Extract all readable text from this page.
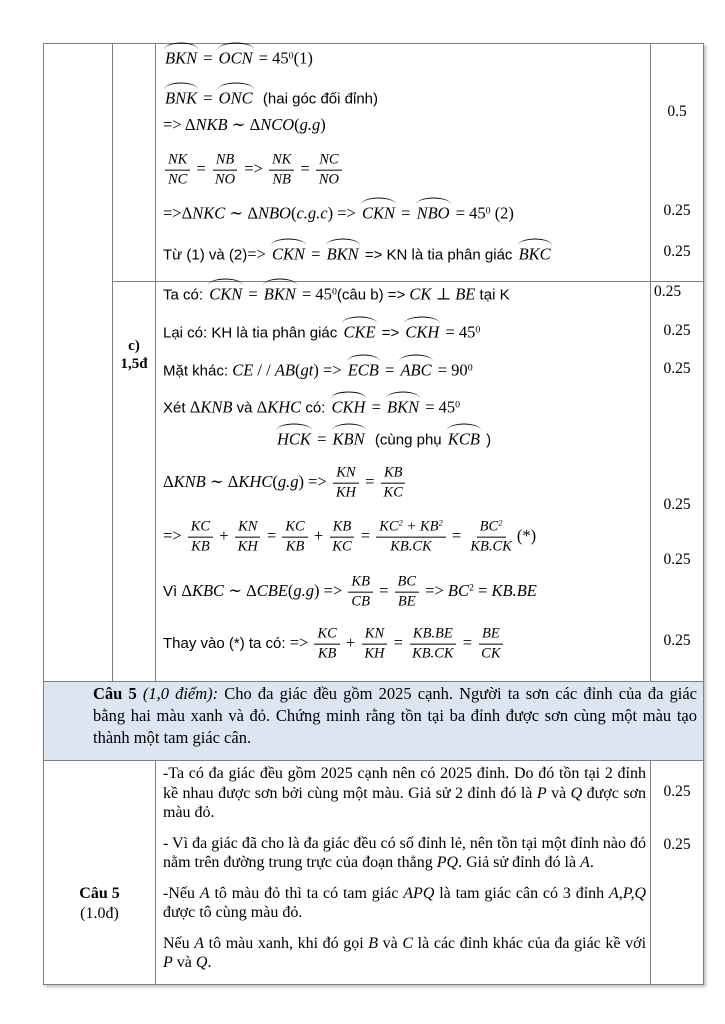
c)
1,5đ
BKN = OCN = $45^0(1)$
BNK = ONC  (hai góc đối đỉnh)
=> ΔNKB ∼ ΔNCO(g.g)
$\frac{NK}{NC} = \frac{NB}{NO} => \frac{NK}{NB} = \frac{NC}{NO}$
=>ΔNKC ∼ ΔNBO(c.g.c) => CKN = NBO = $45^0$ (2)
Từ (1) và (2)=> CKN = BKN => KN là tia phân giác BKC
Ta có: CKN = BKN = $45^0(câu$ b) => CK ⊥ BE tại K
Lại có: KH là tia phân giác CKE => CKH = $45^0$
Mặt khác: CE / / AB(gt) => ECB = ABC = $90^0$
Xét ΔKNB và ΔKHC có: CKH = BKN = $45^0$
HCK = KBN  (cùng phụ KCB )
ΔKNB ∼ $\Delta KHC(g.g) => \frac{KN}{KH} = \frac{KB}{KC}$
=> $\frac{KC}{KB} + \frac{KN}{KH} = \frac{KC}{KB} + \frac{KB}{KC} = \frac{KC^2 + KB^2}{KB.CK} = \frac{BC^2}{KB.CK}$ (*)
Vì ΔKBC ∼ $\Delta CBE(g.g) => \frac{KB}{CB} = \frac{BC}{BE} => BC^2 = KB.BE$
Thay vào (*) ta có: => $\frac{KC}{KB} + \frac{KN}{KH} = \frac{KB.BE}{KB.CK} = \frac{BE}{CK}$
0.5
0.25
0.25
0.25
0.25
0.25
0.25
0.25
0.25
Câu 5 (1,0 điểm): Cho đa giác đều gồm 2025 cạnh. Người ta sơn các đỉnh của đa giác bằng hai màu xanh và đỏ. Chứng minh rằng tồn tại ba đỉnh được sơn cùng một màu tạo thành một tam giác cân.
Câu 5
(1.0đ)

-Ta có đa giác đều gồm 2025 cạnh nên có 2025 đỉnh. Do đó tồn tại 2 đỉnh kề nhau được sơn bởi cùng một màu. Giả sử 2 đỉnh đó là P và Q được sơn màu đỏ.

- Vì đa giác đã cho là đa giác đều có số đỉnh lẻ, nên tồn tại một đỉnh nào đó nằm trên đường trung trực của đoạn thẳng PQ. Giả sử đỉnh đó là A.

-Nếu A tô màu đỏ thì ta có tam giác APQ là tam giác cân có 3 đỉnh A,P,Q được tô cùng màu đỏ.

Nếu A tô màu xanh, khi đó gọi B và C là các đỉnh khác của đa giác kề với P và Q.

0.25
0.25
